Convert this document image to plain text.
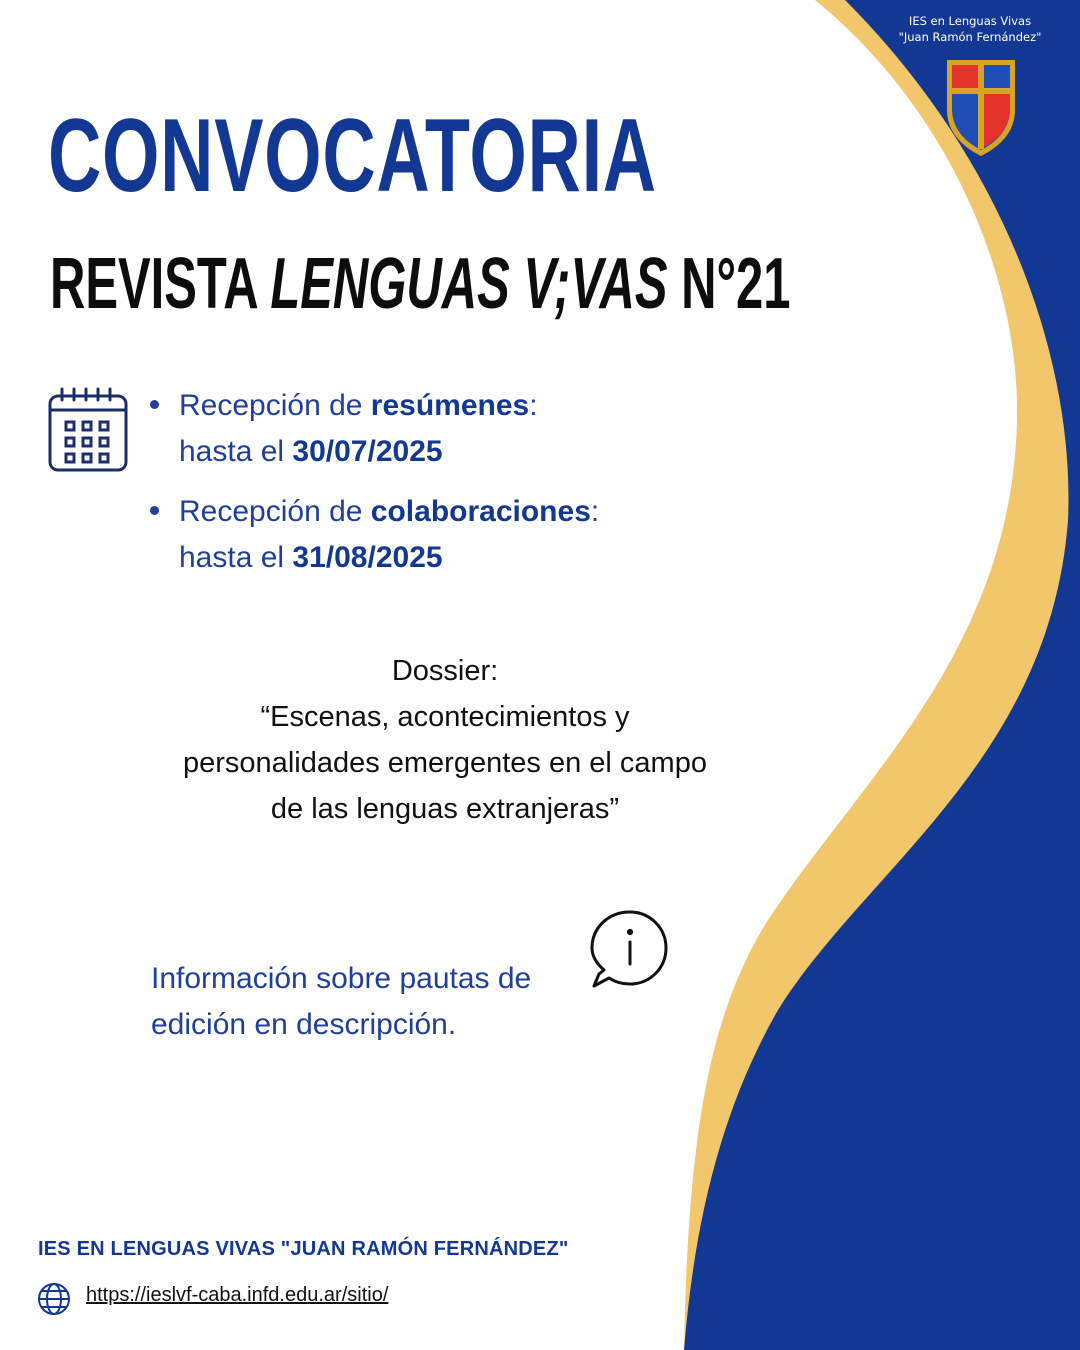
IES en Lenguas Vivas
"Juan Ramón Fernández"
CONVOCATORIA
REVISTA LENGUAS V;VAS N°21
Recepción de resúmenes:
hasta el 30/07/2025
Recepción de colaboraciones:
hasta el 31/08/2025
Dossier:
“Escenas, acontecimientos y
personalidades emergentes en el campo
de las lenguas extranjeras”
Información sobre pautas de
edición en descripción.
IES EN LENGUAS VIVAS "JUAN RAMÓN FERNÁNDEZ"
https://ieslvf-caba.infd.edu.ar/sitio/
